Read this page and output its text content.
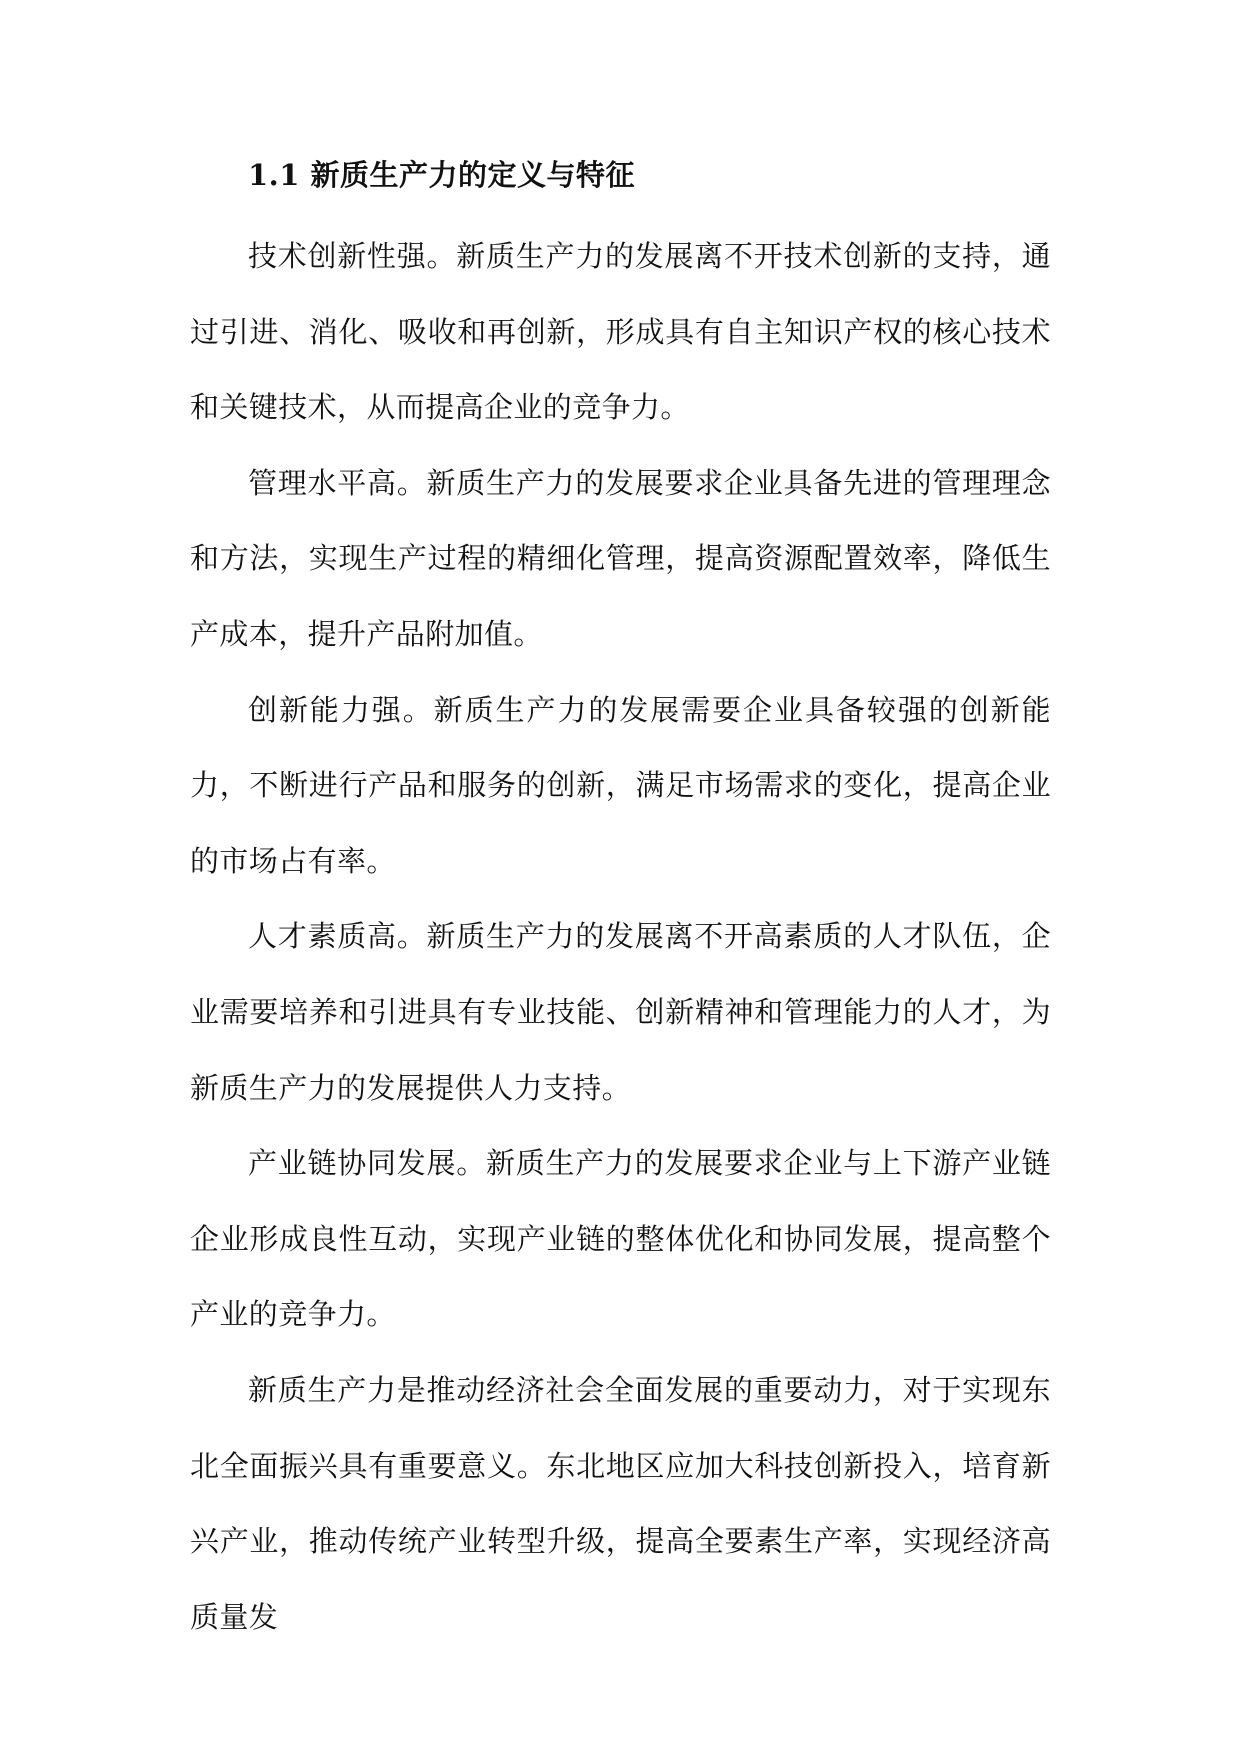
1.1 新质生产力的定义与特征

技术创新性强。新质生产力的发展离不开技术创新的支持，通过引进、消化、吸收和再创新，形成具有自主知识产权的核心技术和关键技术，从而提高企业的竞争力。

管理水平高。新质生产力的发展要求企业具备先进的管理理念和方法，实现生产过程的精细化管理，提高资源配置效率，降低生产成本，提升产品附加值。

创新能力强。新质生产力的发展需要企业具备较强的创新能力，不断进行产品和服务的创新，满足市场需求的变化，提高企业的市场占有率。

人才素质高。新质生产力的发展离不开高素质的人才队伍，企业需要培养和引进具有专业技能、创新精神和管理能力的人才，为新质生产力的发展提供人力支持。

产业链协同发展。新质生产力的发展要求企业与上下游产业链企业形成良性互动，实现产业链的整体优化和协同发展，提高整个产业的竞争力。

新质生产力是推动经济社会全面发展的重要动力，对于实现东北全面振兴具有重要意义。东北地区应加大科技创新投入，培育新兴产业，推动传统产业转型升级，提高全要素生产率，实现经济高质量发
